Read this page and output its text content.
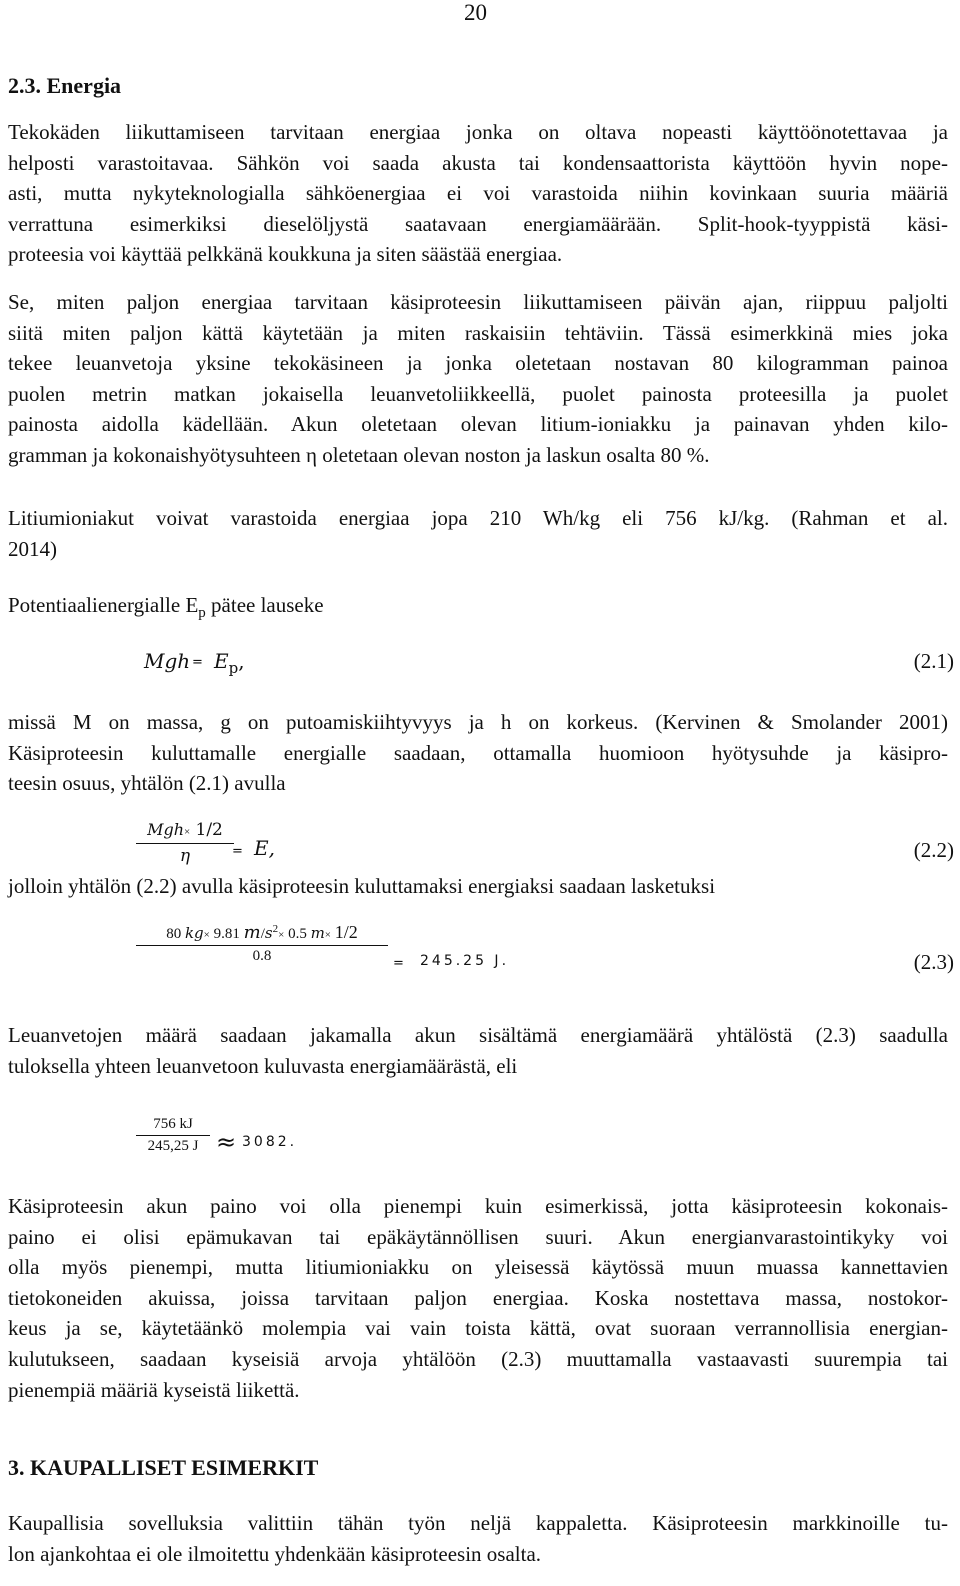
20
2.3. Energia

Tekokäden liikuttamiseen tarvitaan energiaa jonka on oltava nopeasti käyttöönotettavaa ja
helposti varastoitavaa. Sähkön voi saada akusta tai kondensaattorista käyttöön hyvin nope-
asti, mutta nykyteknologialla sähköenergiaa ei voi varastoida niihin kovinkaan suuria määriä
verrattuna esimerkiksi dieselöljystä saatavaan energiamäärään. Split-hook-tyyppistä käsi-
proteesia voi käyttää pelkkänä koukkuna ja siten säästää energiaa.

Se, miten paljon energiaa tarvitaan käsiproteesin liikuttamiseen päivän ajan, riippuu paljolti
siitä miten paljon kättä käytetään ja miten raskaisiin tehtäviin. Tässä esimerkkinä mies joka
tekee leuanvetoja yksine tekokäsineen ja jonka oletetaan nostavan 80 kilogramman painoa
puolen metrin matkan jokaisella leuanvetoliikkeellä, puolet painosta proteesilla ja puolet
painosta aidolla kädellään. Akun oletetaan olevan litium-ioniakku ja painavan yhden kilo-
gramman ja kokonaishyötysuhteen η oletetaan olevan noston ja laskun osalta 80 %.

Litiumioniakut voivat varastoida energiaa jopa 210 Wh/kg eli 756 kJ/kg. (Rahman et al.
2014)

Potentiaalienergialle $E_p$ pätee lauseke

Mgh = $E_p$,	(2.1)

missä M on massa, g on putoamiskiihtyvyys ja h on korkeus. (Kervinen & Smolander 2001)
Käsiproteesin kuluttamalle energialle saadaan, ottamalla huomioon hyötysuhde ja käsipro-
teesin osuus, yhtälön (2.1) avulla

Mgh× 1/2
η	= E,	(2.2)

jolloin yhtälön (2.2) avulla käsiproteesin kuluttamaksi energiaksi saadaan lasketuksi

80 kg× 9.81 $m/s^2\times 0.5$ m× 1/2
0.8	= 245.25 J.	(2.3)

Leuanvetojen määrä saadaan jakamalla akun sisältämä energiamäärä yhtälöstä (2.3) saadulla
tuloksella yhteen leuanvetoon kuluvasta energiamäärästä, eli

$\frac{756 kJ}{245,25 J} \approx 3082$.

Käsiproteesin akun paino voi olla pienempi kuin esimerkissä, jotta käsiproteesin kokonais-
paino ei olisi epämukavan tai epäkäytännöllisen suuri. Akun energianvarastointikyky voi
olla myös pienempi, mutta litiumioniakku on yleisessä käytössä muun muassa kannettavien
tietokoneiden akuissa, joissa tarvitaan paljon energiaa. Koska nostettava massa, nostokor-
keus ja se, käytetäänkö molempia vai vain toista kättä, ovat suoraan verrannollisia energian-
kulutukseen, saadaan kyseisiä arvoja yhtälöön (2.3) muuttamalla vastaavasti suurempia tai
pienempiä määriä kyseistä liikettä.

3. KAUPALLISET ESIMERKIT

Kaupallisia sovelluksia valittiin tähän työn neljä kappaletta. Käsiproteesin markkinoille tu-
lon ajankohtaa ei ole ilmoitettu yhdenkään käsiproteesin osalta.
